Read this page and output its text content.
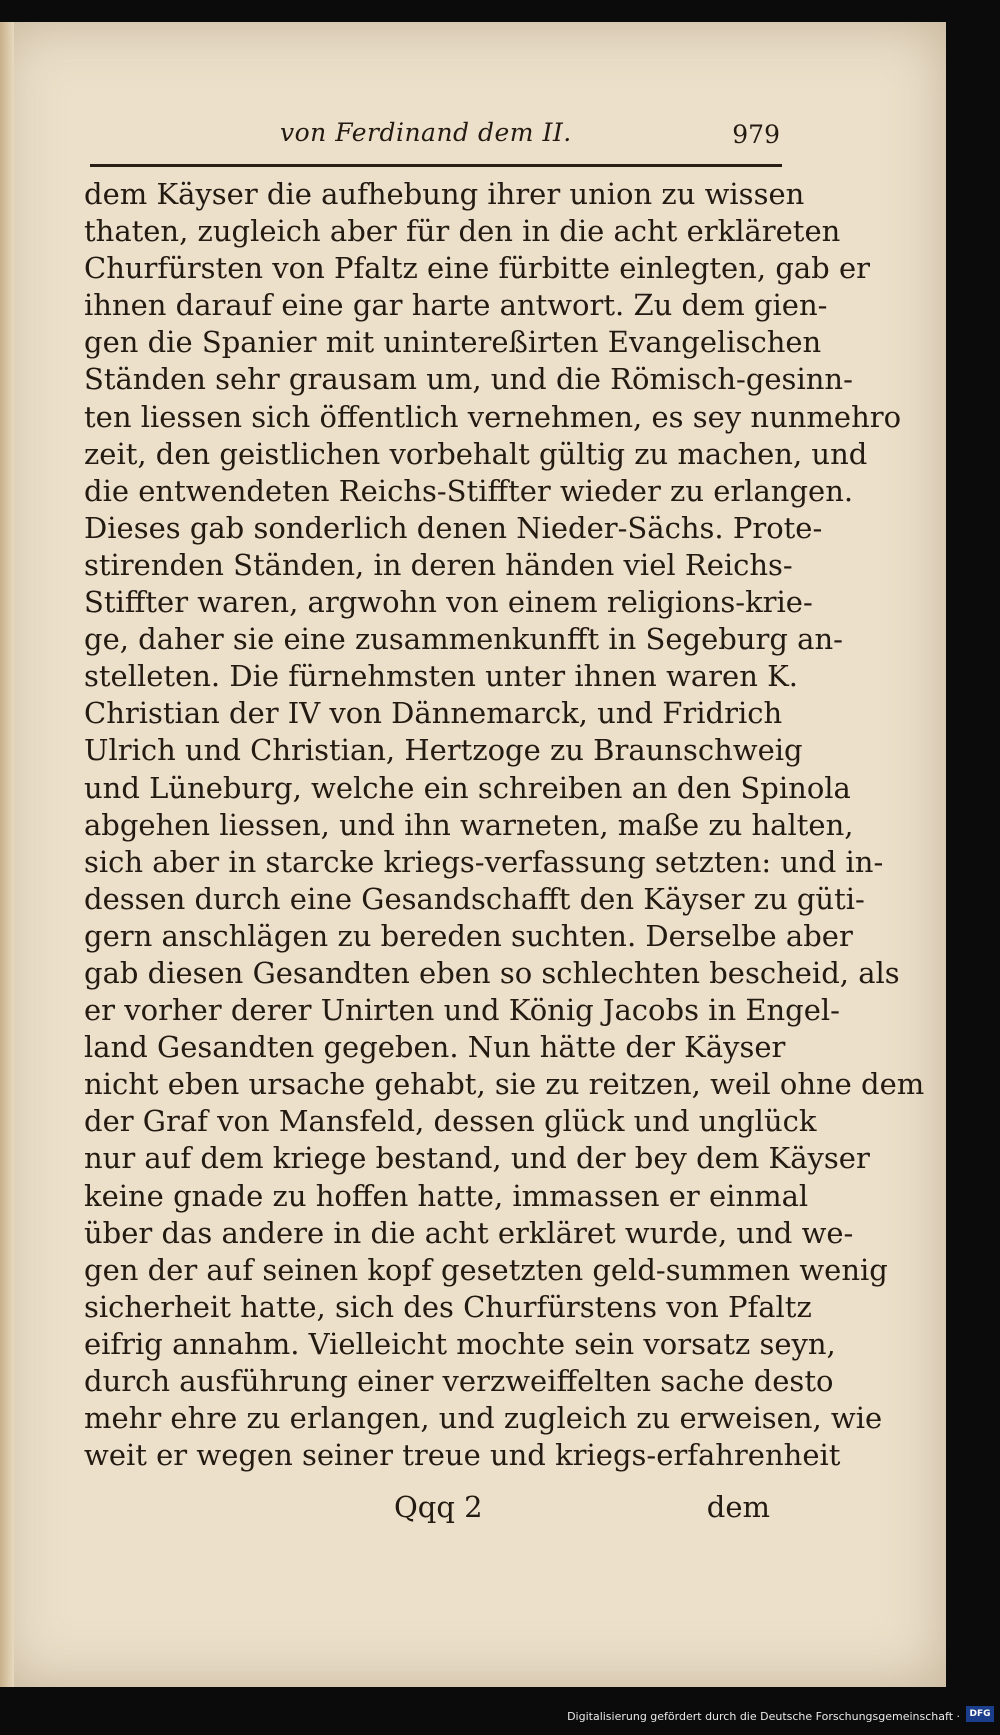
von Ferdinand dem II.	979
dem Käyser die aufhebung ihrer union zu wissen
thaten, zugleich aber für den in die acht erkläreten
Churfürsten von Pfaltz eine fürbitte einlegten, gab er
ihnen darauf eine gar harte antwort. Zu dem gien-
gen die Spanier mit unintereßirten Evangelischen
Ständen sehr grausam um, und die Römisch-gesinn-
ten liessen sich öffentlich vernehmen, es sey nunmehro
zeit, den geistlichen vorbehalt gültig zu machen, und
die entwendeten Reichs-Stiffter wieder zu erlangen.
Dieses gab sonderlich denen Nieder-Sächs. Prote-
stirenden Ständen, in deren händen viel Reichs-
Stiffter waren, argwohn von einem religions-krie-
ge, daher sie eine zusammenkunfft in Segeburg an-
stelleten. Die fürnehmsten unter ihnen waren K.
Christian der IV von Dännemarck, und Fridrich
Ulrich und Christian, Hertzoge zu Braunschweig
und Lüneburg, welche ein schreiben an den Spinola
abgehen liessen, und ihn warneten, maße zu halten,
sich aber in starcke kriegs-verfassung setzten: und in-
dessen durch eine Gesandschafft den Käyser zu güti-
gern anschlägen zu bereden suchten. Derselbe aber
gab diesen Gesandten eben so schlechten bescheid, als
er vorher derer Unirten und König Jacobs in Engel-
land Gesandten gegeben. Nun hätte der Käyser
nicht eben ursache gehabt, sie zu reitzen, weil ohne dem
der Graf von Mansfeld, dessen glück und unglück
nur auf dem kriege bestand, und der bey dem Käyser
keine gnade zu hoffen hatte, immassen er einmal
über das andere in die acht erkläret wurde, und we-
gen der auf seinen kopf gesetzten geld-summen wenig
sicherheit hatte, sich des Churfürstens von Pfaltz
eifrig annahm. Vielleicht mochte sein vorsatz seyn,
durch ausführung einer verzweiffelten sache desto
mehr ehre zu erlangen, und zugleich zu erweisen, wie
weit er wegen seiner treue und kriegs-erfahrenheit
Qqq 2	dem
Digitalisierung gefördert durch die Deutsche Forschungsgemeinschaft ·	DFG
